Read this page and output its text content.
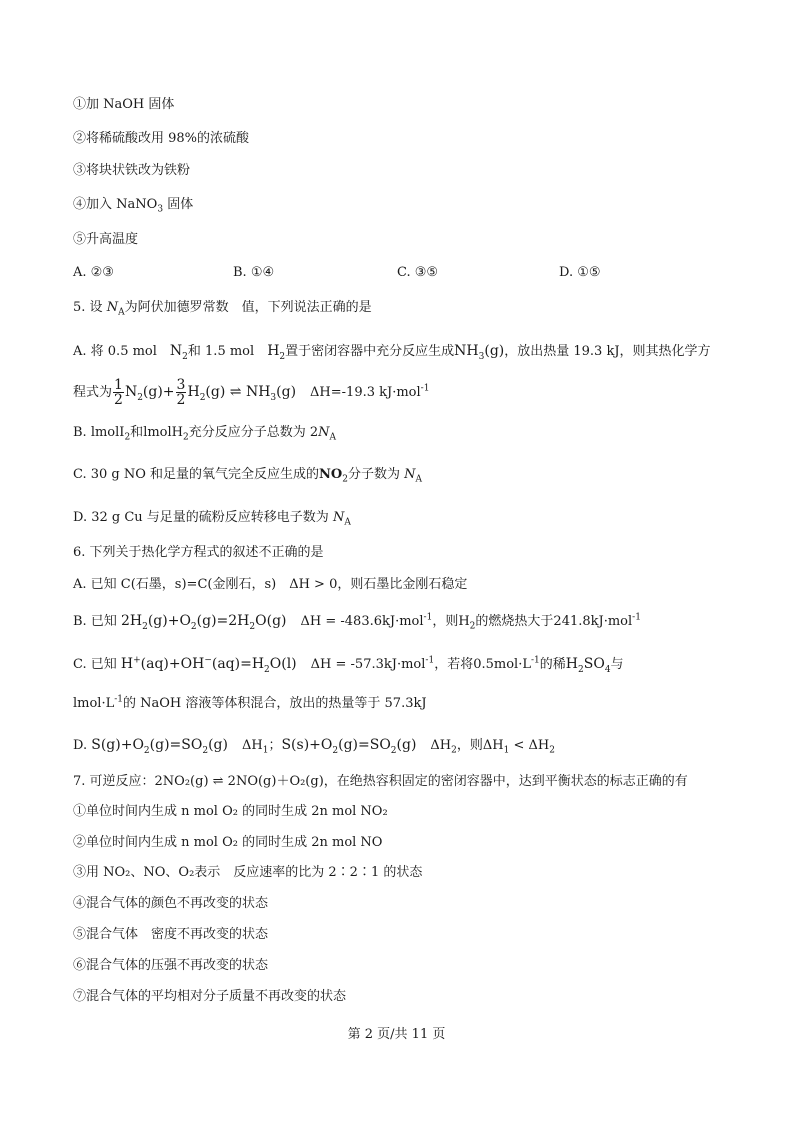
①加 NaOH 固体
②将稀硫酸改用 98%的浓硫酸
③将块状铁改为铁粉
④加入 NaNO$_3$ 固体
⑤升高温度
A. ②③	B. ①④	C. ③⑤	D. ①⑤
5. 设 $N_A$为阿伏加德罗常数　 值，下列说法正确的是
A. 将 0.5 mol　 $N_2$和 1.5 mol　 $H_2$置于密闭容器中充分反应生成$NH_3(g)$，放出热量 19.3 kJ，则其热化学方
程式为 $\frac{1}{2} N_2(g)+ \frac{3}{2} H_2(g)$ ⇌ $NH_3(g)$ ΔH=-19.3 kJ·mol$^{-1}$
B. lmolI$_2$和lmolH$_2$充分反应分子总数为 $2N_A$
C. 30 g NO 和足量的氧气完全反应生成的$NO_2$分子数为 $N_A$
D. 32 g Cu 与足量的硫粉反应转移电子数为 $N_A$
6. 下列关于热化学方程式的叙述不正确的是
A. 已知 C(石墨，s)=C(金刚石，s)　ΔH > 0，则石墨比金刚石稳定
B. 已知 $2H_2(g)+O_2(g)=2H_2O(g) \Delta H = -483.6kJ\cdot mol^{-1}$，则$H_2$的燃烧热大于241.8kJ·mol$^{-1}$
C. 已知 $H^+(aq)+OH^-(aq)=H_2O(l) \Delta H = -57.3kJ\cdot mol^{-1}$，若将$0.5mol\cdot L^{-1}$的稀$H_2SO_4$与
$lmol\cdot L^{-1}$的 NaOH 溶液等体积混合，放出的热量等于 57.3kJ
D. $S(g)+O_2(g)=SO_2(g)$ $\Delta H_1$；$S(s)+O_2(g)=SO_2(g)$ $\Delta H_2$，则$\Delta H_1 < \Delta H_2$
7. 可逆反应：2NO₂(g) ⇌ 2NO(g)＋O₂(g)，在绝热容积固定的密闭容器中，达到平衡状态的标志正确的有
①单位时间内生成 n mol O₂ 的同时生成 2n mol NO₂
②单位时间内生成 n mol O₂ 的同时生成 2n mol NO
③用 NO₂、NO、O₂表示　反应速率的比为 2∶2∶1 的状态
④混合气体的颜色不再改变的状态
⑤混合气体　密度不再改变的状态
⑥混合气体的压强不再改变的状态
⑦混合气体的平均相对分子质量不再改变的状态
第 2 页/共 11 页
